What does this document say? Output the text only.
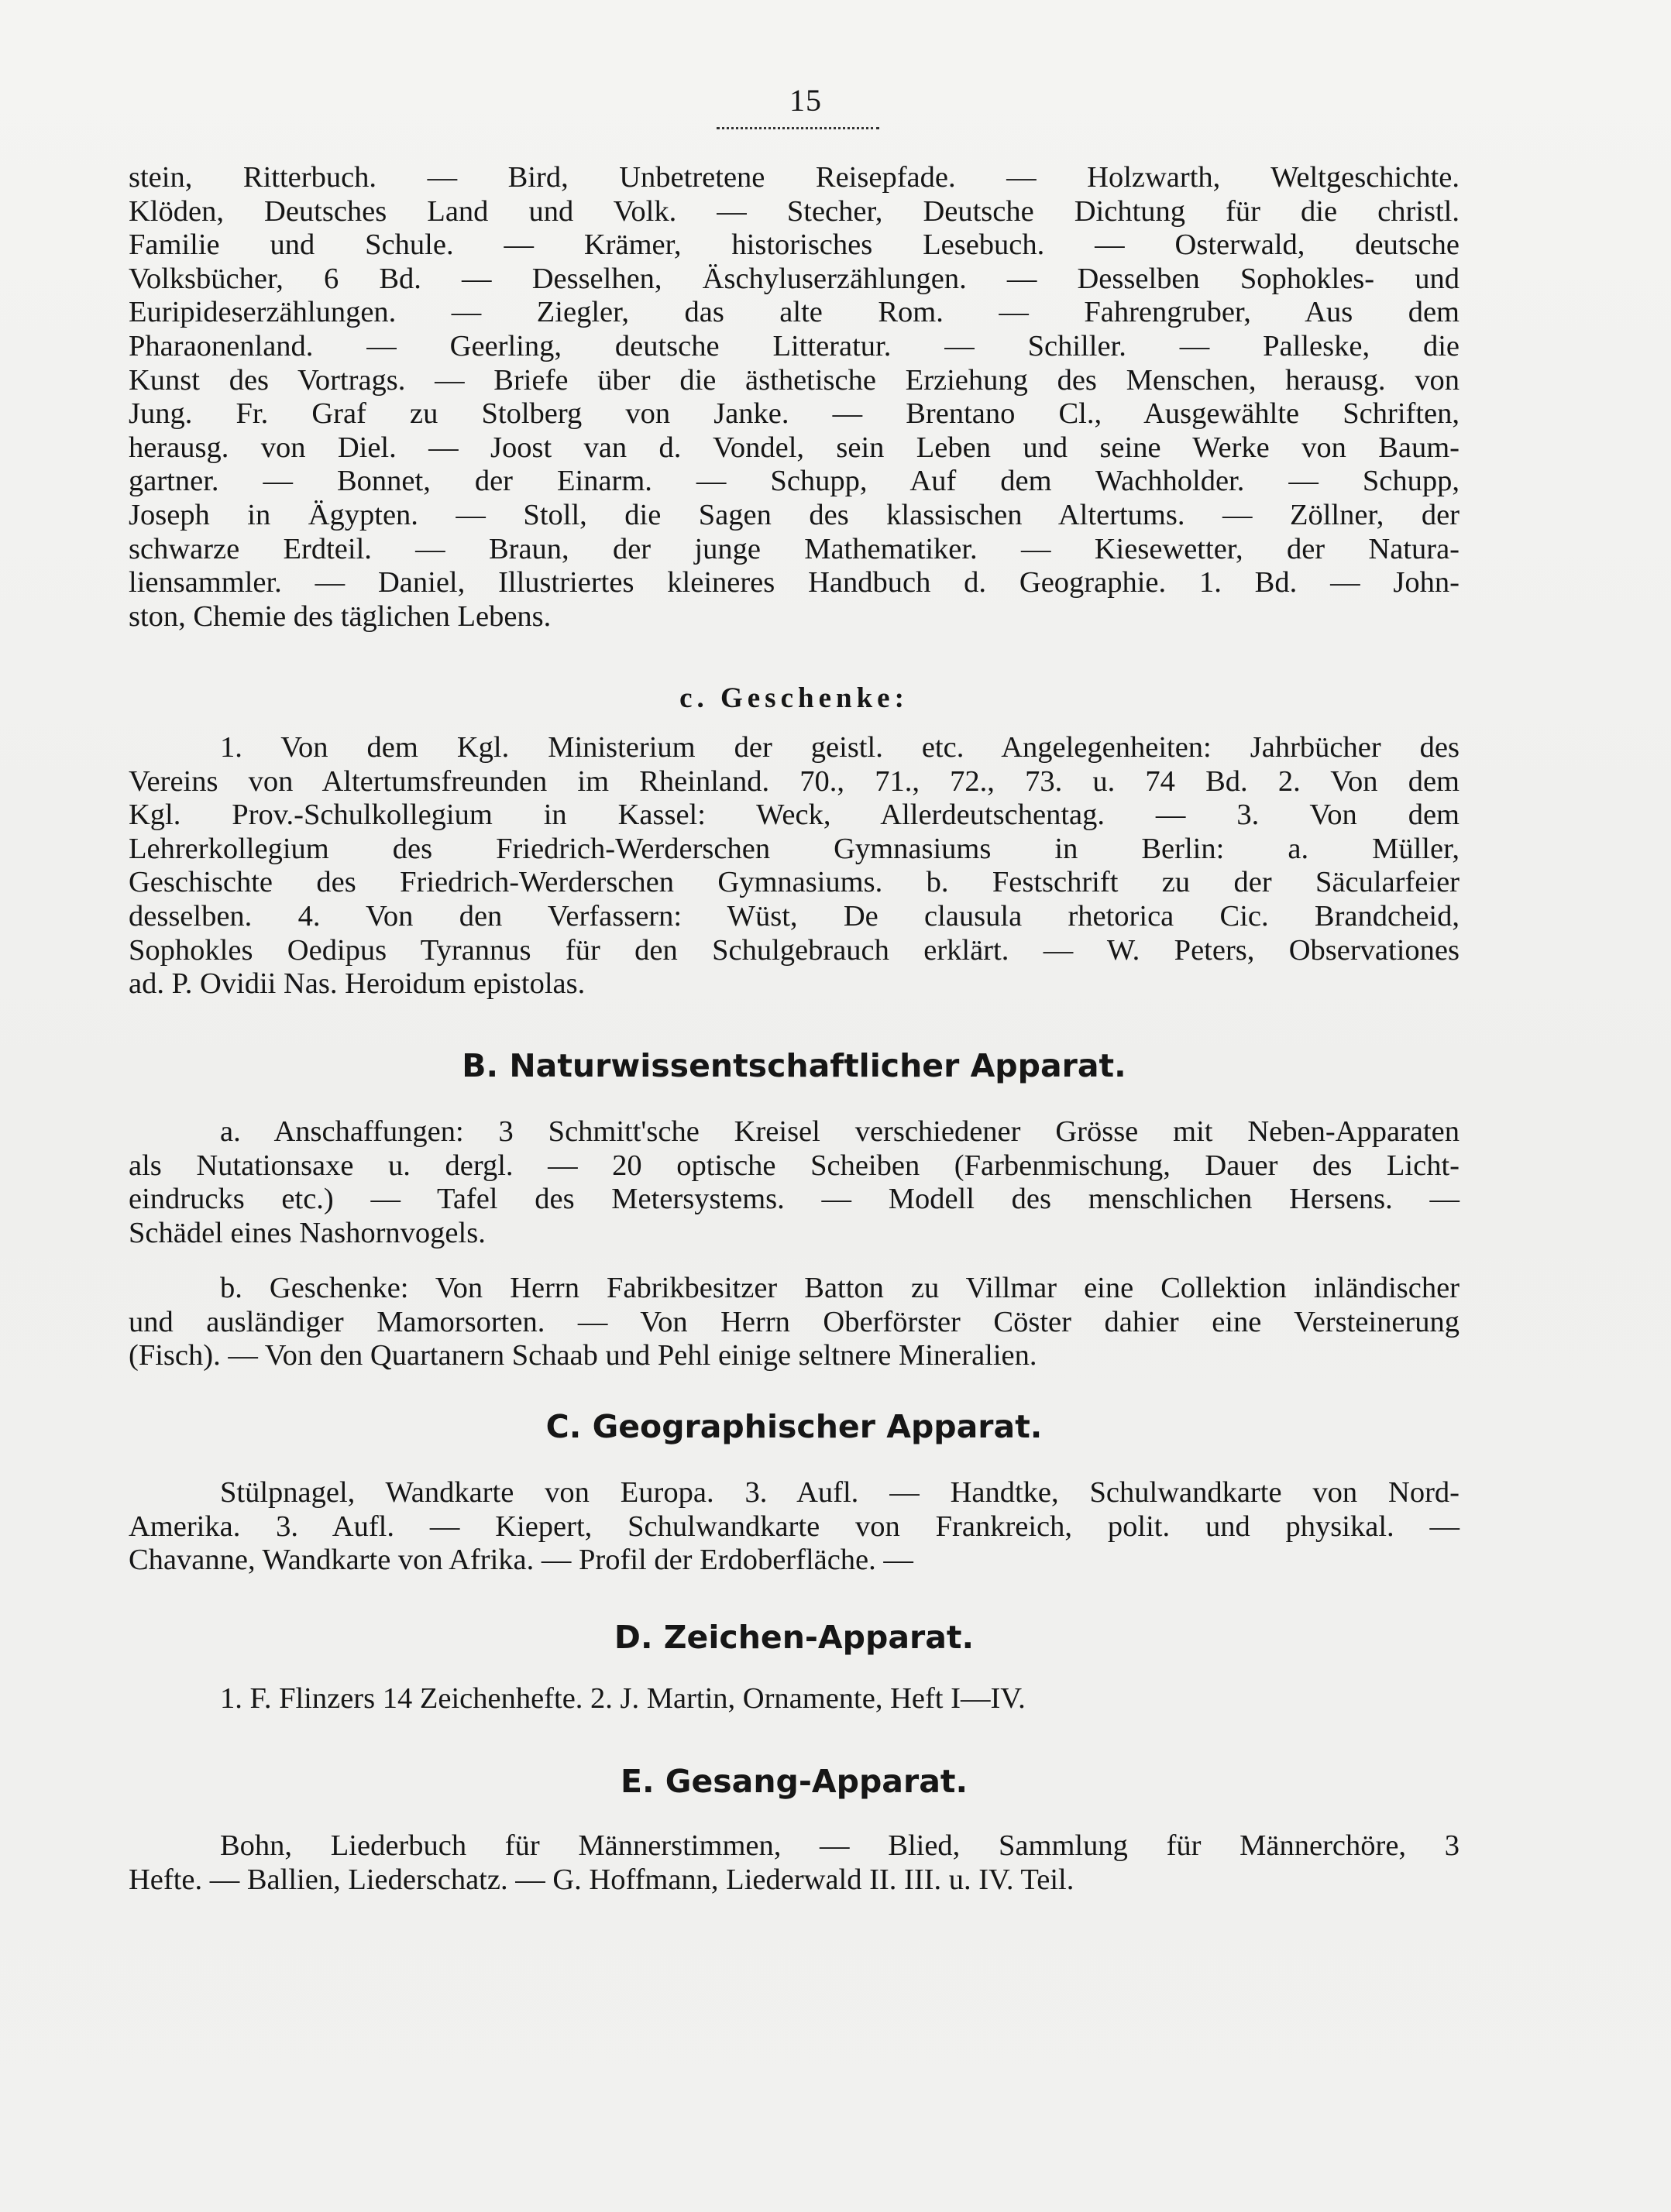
15
stein, Ritterbuch. — Bird, Unbetretene Reisepfade. — Holzwarth, Weltgeschichte.
Klöden, Deutsches Land und Volk. — Stecher, Deutsche Dichtung für die christl.
Familie und Schule. — Krämer, historisches Lesebuch. — Osterwald, deutsche
Volksbücher, 6 Bd. — Desselhen, Äschyluserzählungen. — Desselben Sophokles- und
Euripideserzählungen. — Ziegler, das alte Rom. — Fahrengruber, Aus dem
Pharaonenland. — Geerling, deutsche Litteratur. — Schiller. — Palleske, die
Kunst des Vortrags. — Briefe über die ästhetische Erziehung des Menschen, herausg. von
Jung. Fr. Graf zu Stolberg von Janke. — Brentano Cl., Ausgewählte Schriften,
herausg. von Diel. — Joost van d. Vondel, sein Leben und seine Werke von Baum-
gartner. — Bonnet, der Einarm. — Schupp, Auf dem Wachholder. — Schupp,
Joseph in Ägypten. — Stoll, die Sagen des klassischen Altertums. — Zöllner, der
schwarze Erdteil. — Braun, der junge Mathematiker. — Kiesewetter, der Natura-
liensammler. — Daniel, Illustriertes kleineres Handbuch d. Geographie. 1. Bd. — John-
ston, Chemie des täglichen Lebens.
c. Geschenke:
1. Von dem Kgl. Ministerium der geistl. etc. Angelegenheiten: Jahrbücher des
Vereins von Altertumsfreunden im Rheinland. 70., 71., 72., 73. u. 74 Bd. 2. Von dem
Kgl. Prov.-Schulkollegium in Kassel: Weck, Allerdeutschentag. — 3. Von dem
Lehrerkollegium des Friedrich-Werderschen Gymnasiums in Berlin: a. Müller,
Geschischte des Friedrich-Werderschen Gymnasiums. b. Festschrift zu der Säcularfeier
desselben. 4. Von den Verfassern: Wüst, De clausula rhetorica Cic. Brandcheid,
Sophokles Oedipus Tyrannus für den Schulgebrauch erklärt. — W. Peters, Observationes
ad. P. Ovidii Nas. Heroidum epistolas.
B. Naturwissentschaftlicher Apparat.
a. Anschaffungen: 3 Schmitt'sche Kreisel verschiedener Grösse mit Neben-Apparaten
als Nutationsaxe u. dergl. — 20 optische Scheiben (Farbenmischung, Dauer des Licht-
eindrucks etc.) — Tafel des Metersystems. — Modell des menschlichen Hersens. —
Schädel eines Nashornvogels.
b. Geschenke: Von Herrn Fabrikbesitzer Batton zu Villmar eine Collektion inländischer
und ausländiger Mamorsorten. — Von Herrn Oberförster Cöster dahier eine Versteinerung
(Fisch). — Von den Quartanern Schaab und Pehl einige seltnere Mineralien.
C. Geographischer Apparat.
Stülpnagel, Wandkarte von Europa. 3. Aufl. — Handtke, Schulwandkarte von Nord-
Amerika. 3. Aufl. — Kiepert, Schulwandkarte von Frankreich, polit. und physikal. —
Chavanne, Wandkarte von Afrika. — Profil der Erdoberfläche. —
D. Zeichen-Apparat.
1. F. Flinzers 14 Zeichenhefte. 2. J. Martin, Ornamente, Heft I—IV.
E. Gesang-Apparat.
Bohn, Liederbuch für Männerstimmen, — Blied, Sammlung für Männerchöre, 3
Hefte. — Ballien, Liederschatz. — G. Hoffmann, Liederwald II. III. u. IV. Teil.
